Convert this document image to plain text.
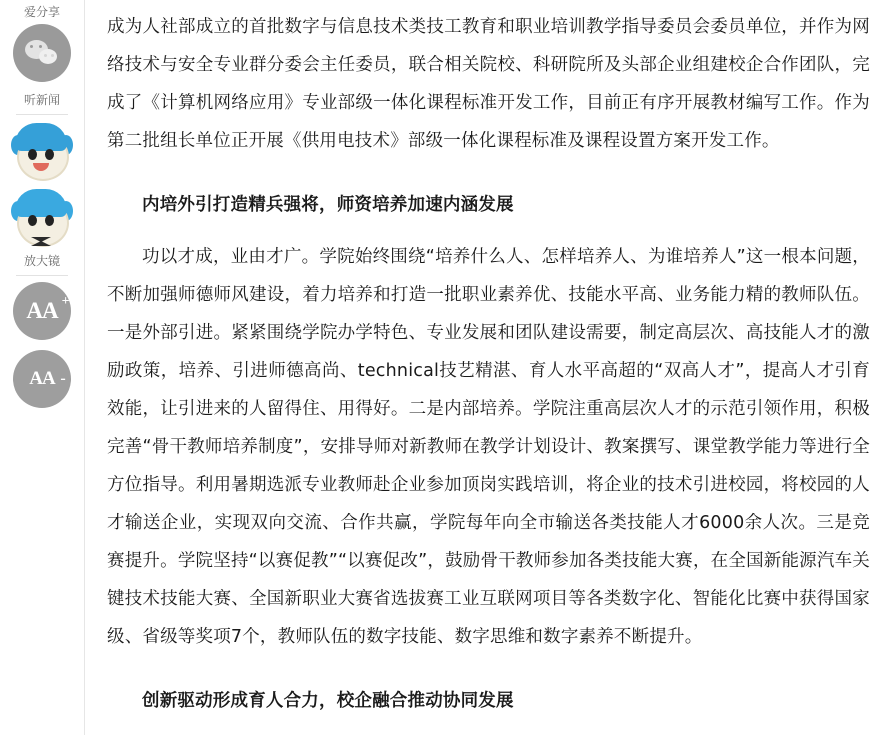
爱分享
听新闻
放大镜
AA +
AA -

成为人社部成立的首批数字与信息技术类技工教育和职业培训教学指导委员会委员单位，并作为网络技术与安全专业群分委会主任委员，联合相关院校、科研院所及头部企业组建校企合作团队，完成了《计算机网络应用》专业部级一体化课程标准开发工作，目前正有序开展教材编写工作。作为第二批组长单位正开展《供用电技术》部级一体化课程标准及课程设置方案开发工作。

内培外引打造精兵强将，师资培养加速内涵发展

功以才成，业由才广。学院始终围绕“培养什么人、怎样培养人、为谁培养人”这一根本问题，不断加强师德师风建设，着力培养和打造一批职业素养优、技能水平高、业务能力精的教师队伍。一是外部引进。紧紧围绕学院办学特色、专业发展和团队建设需要，制定高层次、高技能人才的激励政策，培养、引进师德高尚、technical技艺精湛、育人水平高超的“双高人才”，提高人才引育效能，让引进来的人留得住、用得好。二是内部培养。学院注重高层次人才的示范引领作用，积极完善“骨干教师培养制度”，安排导师对新教师在教学计划设计、教案撰写、课堂教学能力等进行全方位指导。利用暑期选派专业教师赴企业参加顶岗实践培训，将企业的技术引进校园，将校园的人才输送企业，实现双向交流、合作共赢，学院每年向全市输送各类技能人才6000余人次。三是竞赛提升。学院坚持“以赛促教”“以赛促改”，鼓励骨干教师参加各类技能大赛，在全国新能源汽车关键技术技能大赛、全国新职业大赛省选拔赛工业互联网项目等各类数字化、智能化比赛中获得国家级、省级等奖项7个，教师队伍的数字技能、数字思维和数字素养不断提升。

创新驱动形成育人合力，校企融合推动协同发展
